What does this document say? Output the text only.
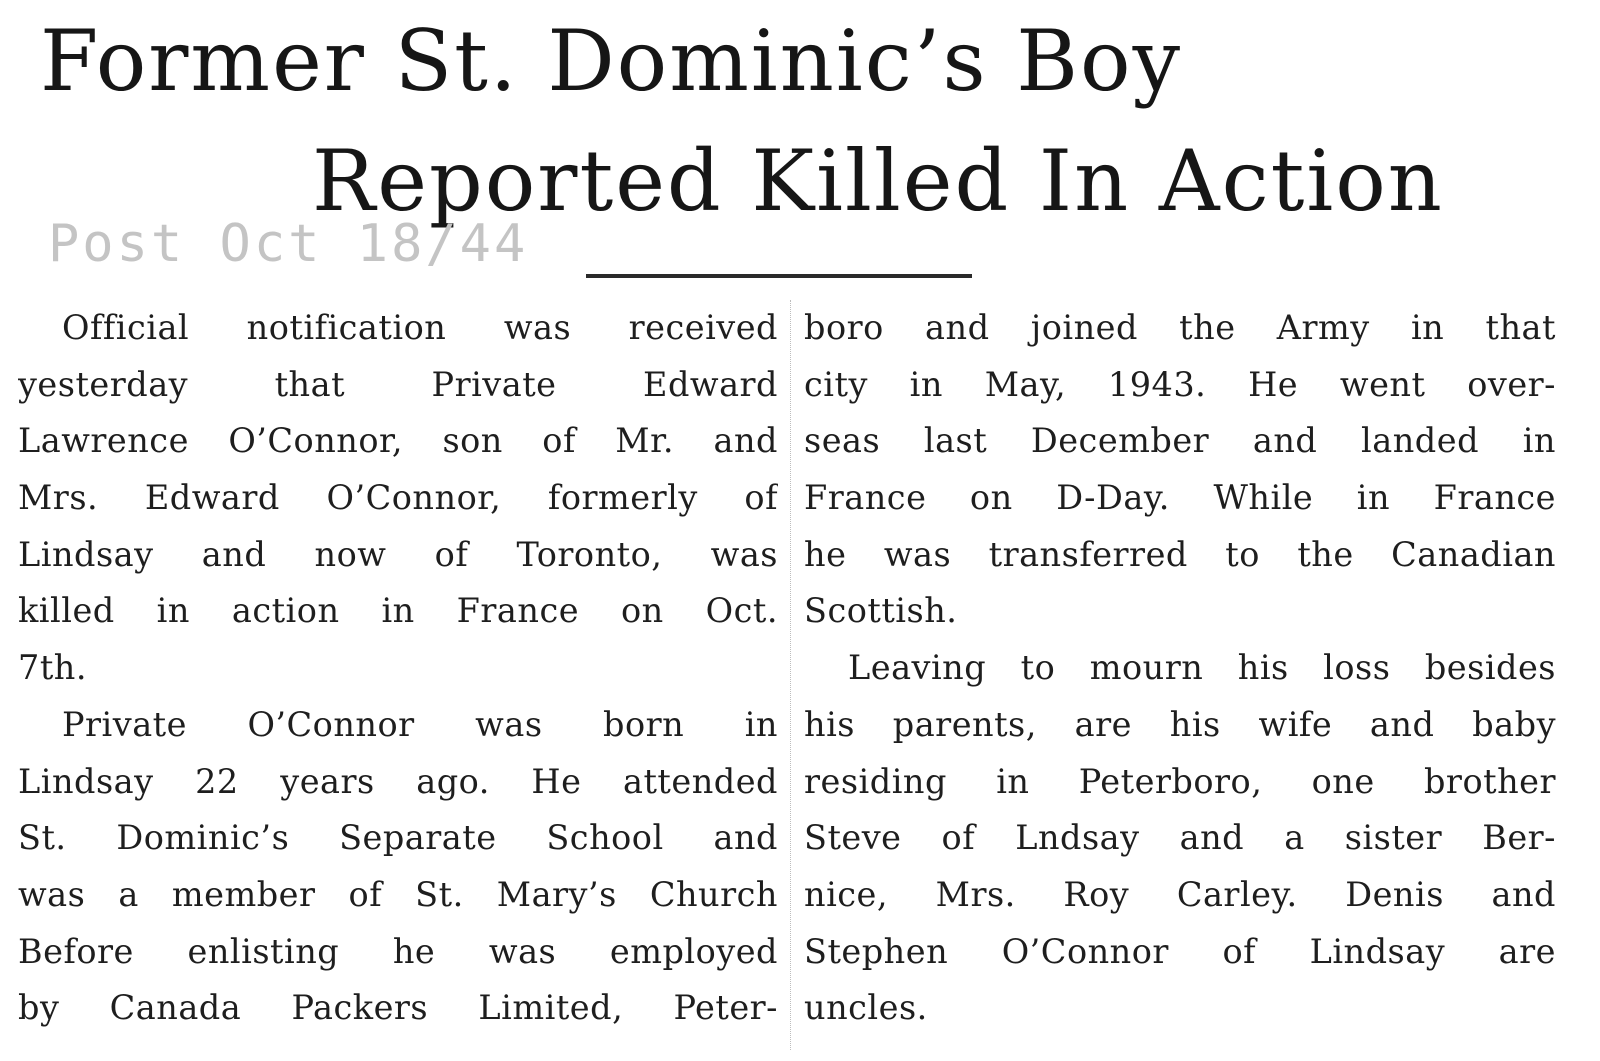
Former St. Dominic’s Boy
Reported Killed In Action
Post Oct 18/44
Official notification was received
yesterday that Private Edward
Lawrence O’Connor, son of Mr. and
Mrs. Edward O’Connor, formerly of
Lindsay and now of Toronto, was
killed in action in France on Oct.
7th.
Private O’Connor was born in
Lindsay 22 years ago. He attended
St. Dominic’s Separate School and
was a member of St. Mary’s Church
Before enlisting he was employed
by Canada Packers Limited, Peter-
boro and joined the Army in that
city in May, 1943. He went over-
seas last December and landed in
France on D-Day. While in France
he was transferred to the Canadian
Scottish.
Leaving to mourn his loss besides
his parents, are his wife and baby
residing in Peterboro, one brother
Steve of Lndsay and a sister Ber-
nice, Mrs. Roy Carley. Denis and
Stephen O’Connor of Lindsay are
uncles.
